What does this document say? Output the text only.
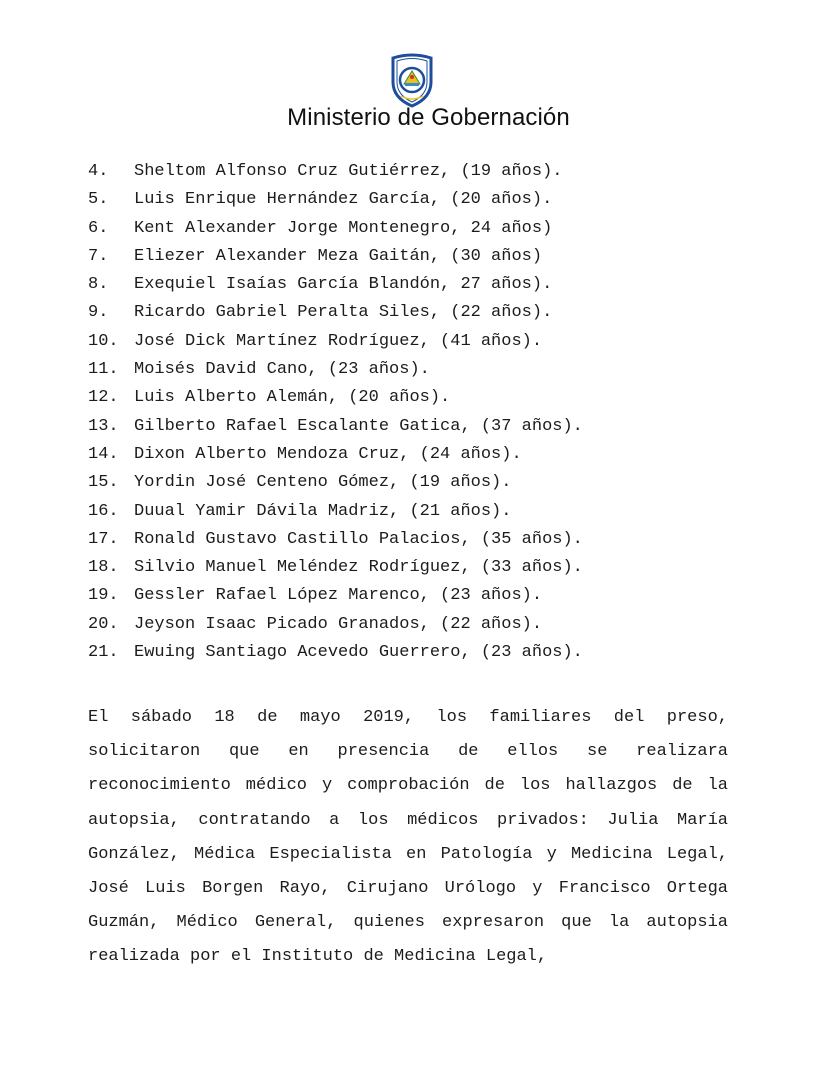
Ministerio de Gobernación
4. Sheltom Alfonso Cruz Gutiérrez, (19 años).
5. Luis Enrique Hernández García, (20 años).
6. Kent Alexander Jorge Montenegro, 24 años)
7. Eliezer Alexander Meza Gaitán, (30 años)
8. Exequiel Isaías García Blandón, 27 años).
9. Ricardo Gabriel Peralta Siles, (22 años).
10. José Dick Martínez Rodríguez, (41 años).
11. Moisés David Cano, (23 años).
12. Luis Alberto Alemán, (20 años).
13. Gilberto Rafael Escalante Gatica, (37 años).
14. Dixon Alberto Mendoza Cruz, (24 años).
15. Yordin José Centeno Gómez, (19 años).
16. Duual Yamir Dávila Madriz, (21 años).
17. Ronald Gustavo Castillo Palacios, (35 años).
18. Silvio Manuel Meléndez Rodríguez, (33 años).
19. Gessler Rafael López Marenco, (23 años).
20. Jeyson Isaac Picado Granados, (22 años).
21. Ewuing Santiago Acevedo Guerrero, (23 años).

El sábado 18 de mayo 2019, los familiares del preso, solicitaron que en presencia de ellos se realizara reconocimiento médico y comprobación de los hallazgos de la autopsia, contratando a los médicos privados: Julia María González, Médica Especialista en Patología y Medicina Legal, José Luis Borgen Rayo, Cirujano Urólogo y Francisco Ortega Guzmán, Médico General, quienes expresaron que la autopsia realizada por el Instituto de Medicina Legal,
